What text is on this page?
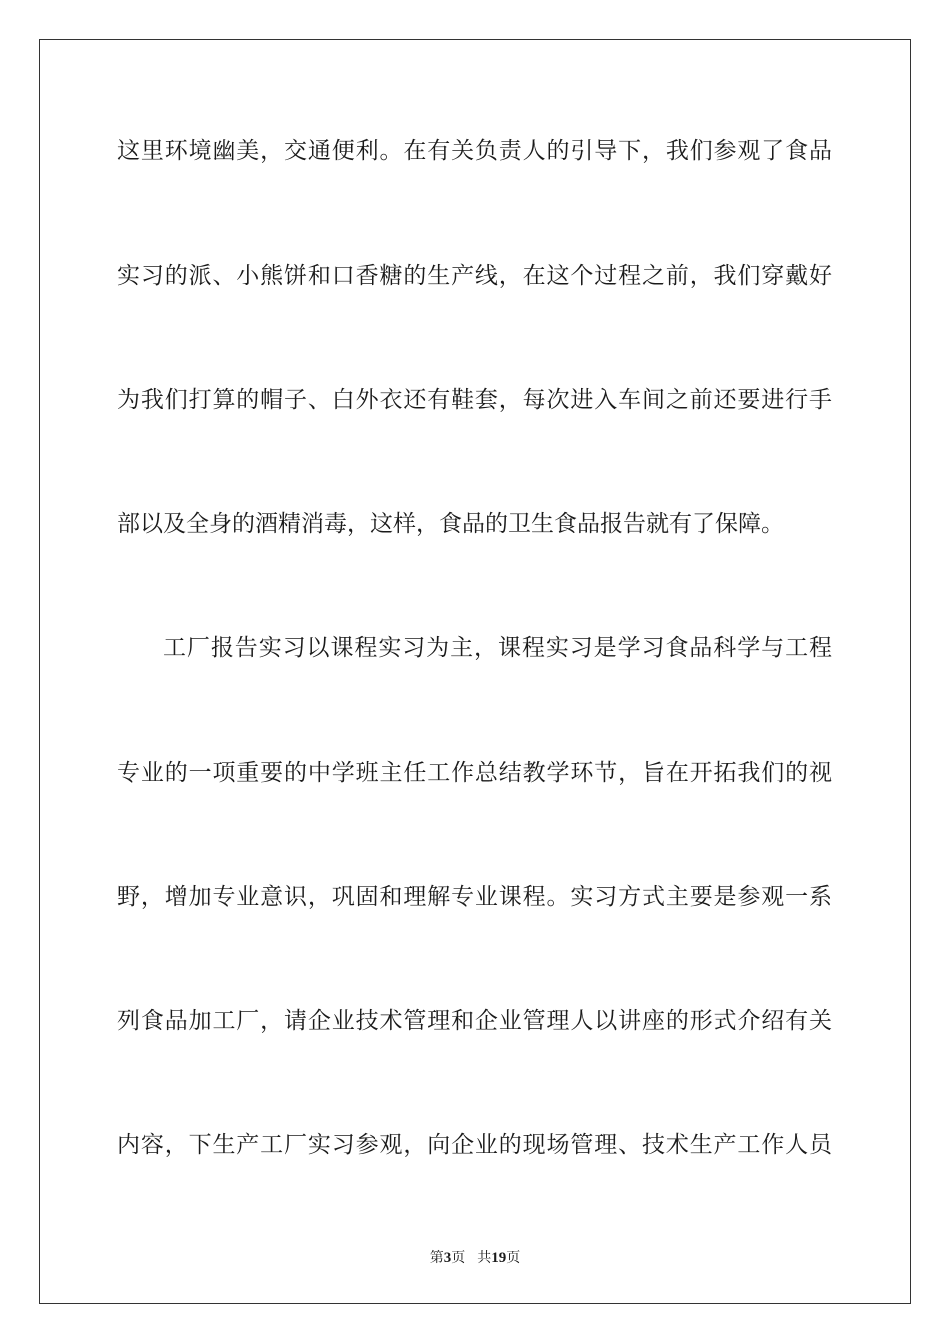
这里环境幽美，交通便利。在有关负责人的引导下，我们参观了食品
实习的派、小熊饼和口香糖的生产线，在这个过程之前，我们穿戴好
为我们打算的帽子、白外衣还有鞋套，每次进入车间之前还要进行手
部以及全身的酒精消毒，这样，食品的卫生食品报告就有了保障。
工厂报告实习以课程实习为主，课程实习是学习食品科学与工程
专业的一项重要的中学班主任工作总结教学环节，旨在开拓我们的视
野，增加专业意识，巩固和理解专业课程。实习方式主要是参观一系
列食品加工厂，请企业技术管理和企业管理人以讲座的形式介绍有关
内容，下生产工厂实习参观，向企业的现场管理、技术生产工作人员
第3页 共19页
